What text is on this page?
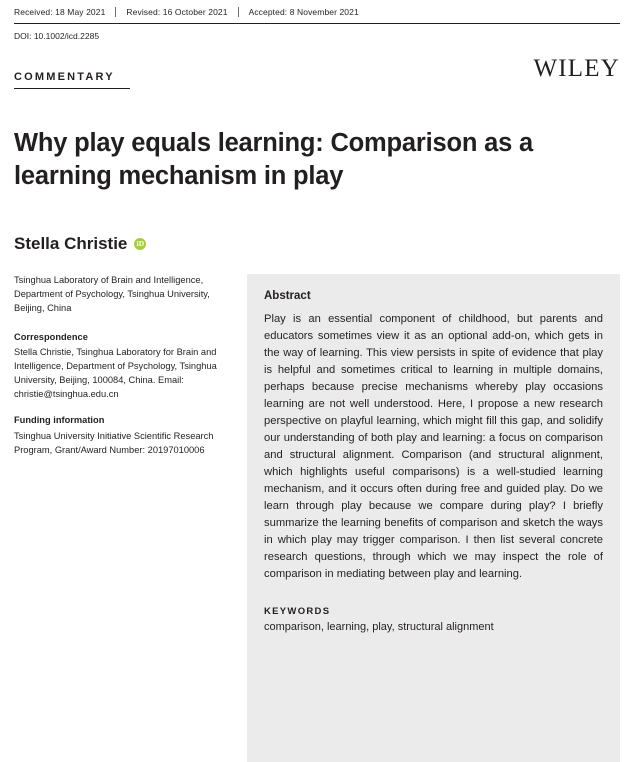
Received: 18 May 2021	Revised: 16 October 2021	Accepted: 8 November 2021
DOI: 10.1002/icd.2285
COMMENTARY	WILEY
Why play equals learning: Comparison as a learning mechanism in play
Stella Christie
iD

Tsinghua Laboratory of Brain and Intelligence, Department of Psychology, Tsinghua University, Beijing, China

Correspondence

Stella Christie, Tsinghua Laboratory for Brain and Intelligence, Department of Psychology, Tsinghua University, Beijing, 100084, China. Email: christie@tsinghua.edu.cn

Funding information

Tsinghua University Initiative Scientific Research Program, Grant/Award Number: 20197010006

Abstract

Play is an essential component of childhood, but parents and educators sometimes view it as an optional add-on, which gets in the way of learning. This view persists in spite of evidence that play is helpful and sometimes critical to learning in multiple domains, perhaps because precise mechanisms whereby play occasions learning are not well understood. Here, I propose a new research perspective on playful learning, which might fill this gap, and solidify our understanding of both play and learning: a focus on comparison and structural alignment. Comparison (and structural alignment, which highlights useful comparisons) is a well-studied learning mechanism, and it occurs often during free and guided play. Do we learn through play because we compare during play? I briefly summarize the learning benefits of comparison and sketch the ways in which play may trigger comparison. I then list several concrete research questions, through which we may inspect the role of comparison in mediating between play and learning.

KEYWORDS

comparison, learning, play, structural alignment
